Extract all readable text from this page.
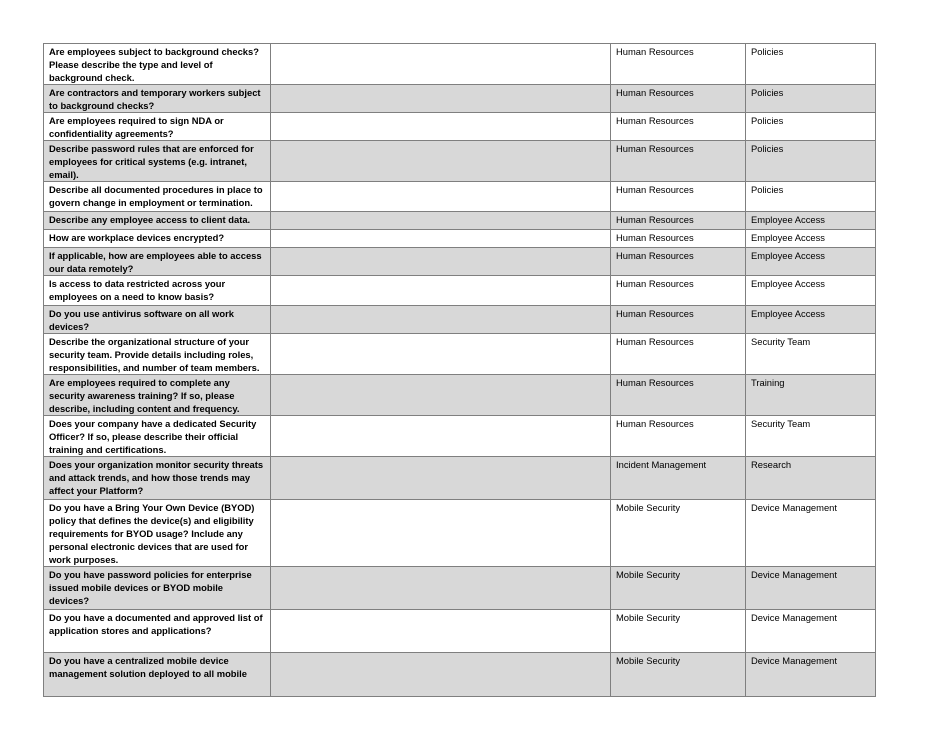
Are employees subject to background checks? Please describe the type and level of background check.		Human Resources	Policies
Are contractors and temporary workers subject to background checks?		Human Resources	Policies
Are employees required to sign NDA or confidentiality agreements?		Human Resources	Policies
Describe password rules that are enforced for employees for critical systems (e.g. intranet, email).		Human Resources	Policies
Describe all documented procedures in place to govern change in employment or termination.		Human Resources	Policies
Describe any employee access to client data.		Human Resources	Employee Access
How are workplace devices encrypted?		Human Resources	Employee Access
If applicable, how are employees able to access our data remotely?		Human Resources	Employee Access
Is access to data restricted across your employees on a need to know basis?		Human Resources	Employee Access
Do you use antivirus software on all work devices?		Human Resources	Employee Access
Describe the organizational structure of your security team. Provide details including roles, responsibilities, and number of team members.		Human Resources	Security Team
Are employees required to complete any security awareness training? If so, please describe, including content and frequency.		Human Resources	Training
Does your company have a dedicated Security Officer? If so, please describe their official training and certifications.		Human Resources	Security Team
Does your organization monitor security threats and attack trends, and how those trends may affect your Platform?		Incident Management	Research
Do you have a Bring Your Own Device (BYOD) policy that defines the device(s) and eligibility requirements for BYOD usage? Include any personal electronic devices that are used for work purposes.		Mobile Security	Device Management
Do you have password policies for enterprise issued mobile devices or BYOD mobile devices?		Mobile Security	Device Management
Do you have a documented and approved list of application stores and applications?		Mobile Security	Device Management
Do you have a centralized mobile device management solution deployed to all mobile		Mobile Security	Device Management
